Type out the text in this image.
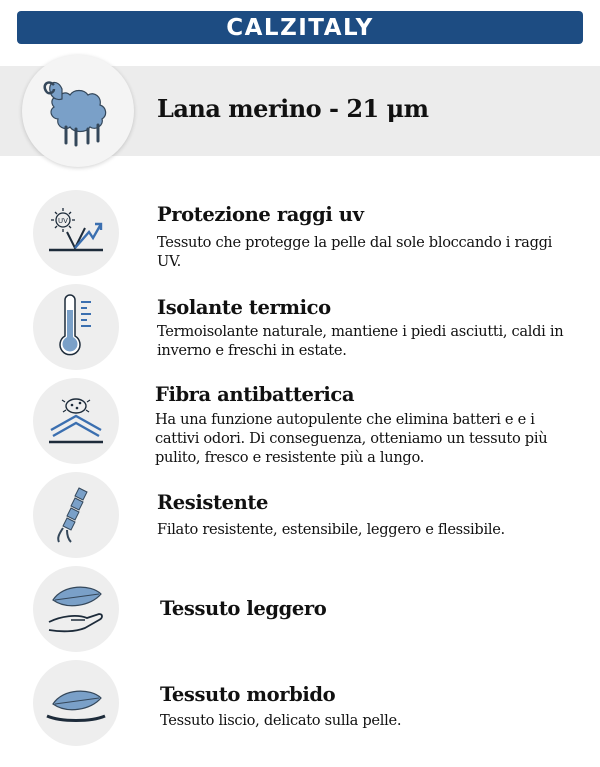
CALZITALY
Lana merino - 21 μm
UV	Protezione raggi uv
Tessuto che protegge la pelle dal sole bloccando i raggi UV.
Isolante termico
Termoisolante naturale, mantiene i piedi asciutti, caldi in inverno e freschi in estate.
Fibra antibatterica
Ha una funzione autopulente che elimina batteri e e i cattivi odori. Di conseguenza, otteniamo un tessuto più pulito, fresco e resistente più a lungo.
Resistente
Filato resistente, estensibile, leggero e flessibile.
Tessuto leggero
Tessuto morbido
Tessuto liscio, delicato sulla pelle.
